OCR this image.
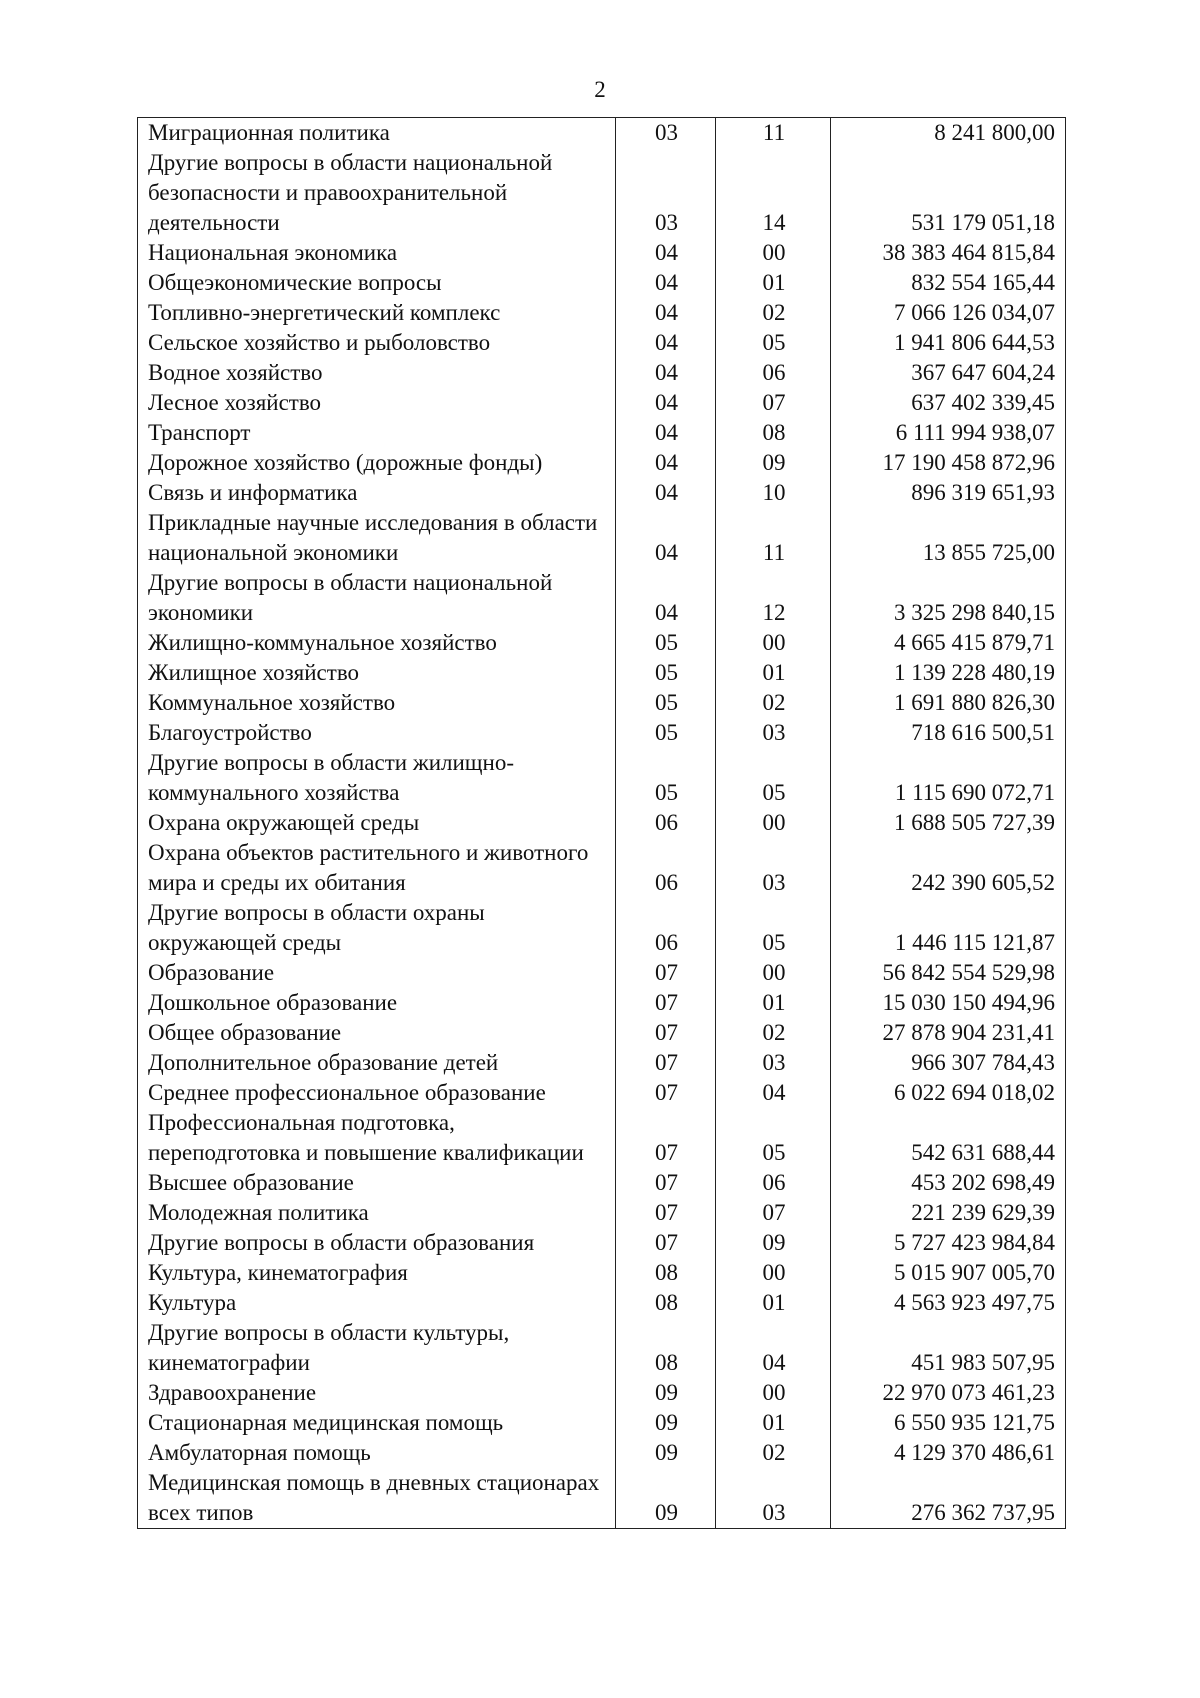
2
Миграционная политика	03	11	8 241 800,00
Другие вопросы в области национальной безопасности и правоохранительной деятельности	03	14	531 179 051,18
Национальная экономика	04	00	38 383 464 815,84
Общеэкономические вопросы	04	01	832 554 165,44
Топливно-энергетический комплекс	04	02	7 066 126 034,07
Сельское хозяйство и рыболовство	04	05	1 941 806 644,53
Водное хозяйство	04	06	367 647 604,24
Лесное хозяйство	04	07	637 402 339,45
Транспорт	04	08	6 111 994 938,07
Дорожное хозяйство (дорожные фонды)	04	09	17 190 458 872,96
Связь и информатика	04	10	896 319 651,93
Прикладные научные исследования в области национальной экономики	04	11	13 855 725,00
Другие вопросы в области национальной экономики	04	12	3 325 298 840,15
Жилищно-коммунальное хозяйство	05	00	4 665 415 879,71
Жилищное хозяйство	05	01	1 139 228 480,19
Коммунальное хозяйство	05	02	1 691 880 826,30
Благоустройство	05	03	718 616 500,51
Другие вопросы в области жилищно-коммунального хозяйства	05	05	1 115 690 072,71
Охрана окружающей среды	06	00	1 688 505 727,39
Охрана объектов растительного и животного мира и среды их обитания	06	03	242 390 605,52
Другие вопросы в области охраны окружающей среды	06	05	1 446 115 121,87
Образование	07	00	56 842 554 529,98
Дошкольное образование	07	01	15 030 150 494,96
Общее образование	07	02	27 878 904 231,41
Дополнительное образование детей	07	03	966 307 784,43
Среднее профессиональное образование	07	04	6 022 694 018,02
Профессиональная подготовка, переподготовка и повышение квалификации	07	05	542 631 688,44
Высшее образование	07	06	453 202 698,49
Молодежная политика	07	07	221 239 629,39
Другие вопросы в области образования	07	09	5 727 423 984,84
Культура, кинематография	08	00	5 015 907 005,70
Культура	08	01	4 563 923 497,75
Другие вопросы в области культуры, кинематографии	08	04	451 983 507,95
Здравоохранение	09	00	22 970 073 461,23
Стационарная медицинская помощь	09	01	6 550 935 121,75
Амбулаторная помощь	09	02	4 129 370 486,61
Медицинская помощь в дневных стационарах всех типов	09	03	276 362 737,95
